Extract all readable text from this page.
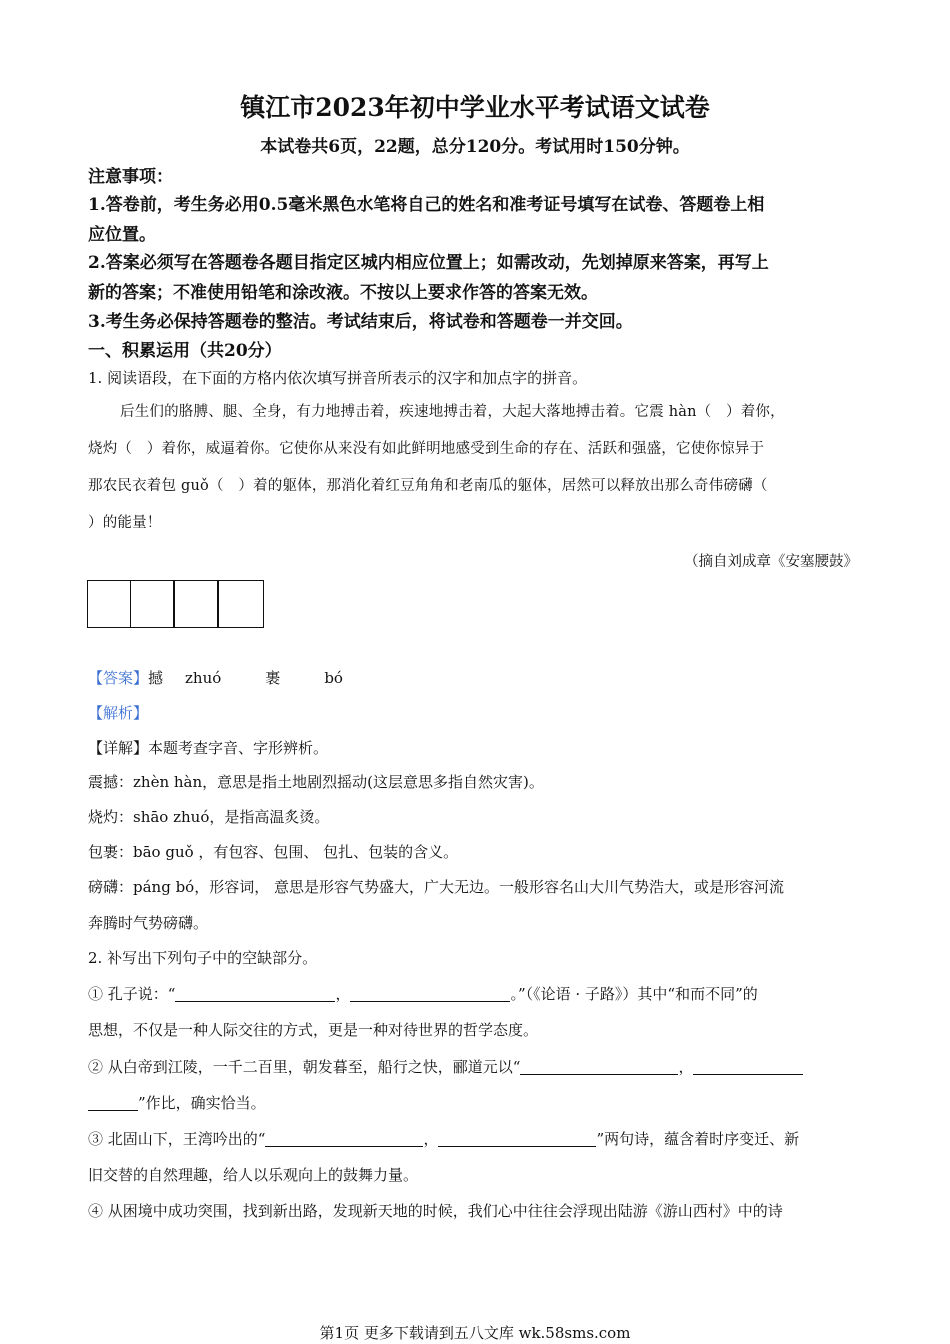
镇江市2023年初中学业水平考试语文试卷
本试卷共6页，22题，总分120分。考试用时150分钟。
注意事项：
1.答卷前，考生务必用0.5毫米黑色水笔将自己的姓名和准考证号填写在试卷、答题卷上相
应位置。
2.答案必须写在答题卷各题目指定区城内相应位置上；如需改动，先划掉原来答案，再写上
新的答案；不准使用铅笔和涂改液。不按以上要求作答的答案无效。
3.考生务必保持答题卷的整洁。考试结束后，将试卷和答题卷一并交回。
一、积累运用（共20分）
1. 阅读语段，在下面的方格内依次填写拼音所表示的汉字和加点字的拼音。
后生们的胳膊、腿、全身，有力地搏击着，疾速地搏击着，大起大落地搏击着。它震 hàn（　）着你，
烧灼 .（　）着你，威逼着你。它使你从来没有如此鲜明地感受到生命的存在、活跃和强盛，它使你惊异于
那农民衣着包 guǒ（　）着的躯体，那消化着红豆角角和老南瓜的躯体，居然可以释放出那么奇伟磅礴 .（
）的能量！
（摘自刘成章《安塞腰鼓》
【答案】撼 zhuó	裹	bó
【解析】
【详解】本题考查字音、字形辨析。
震撼：zhèn hàn，意思是指土地剧烈摇动(这层意思多指自然灾害)。
烧灼：shāo zhuó，是指高温炙烫。
包裹：bāo guǒ ，有包容、包围、 包扎、包装的含义。
磅礴：páng bó，形容词， 意思是形容气势盛大，广大无边。一般形容名山大川气势浩大，或是形容河流
奔腾时气势磅礴。
2. 补写出下列句子中的空缺部分。
① 孔子说：“	，	。”（《论语 · 子路》）其中“和而不同”的
思想，不仅是一种人际交往的方式，更是一种对待世界的哲学态度。
② 从白帝到江陵，一千二百里，朝发暮至，船行之快，郦道元以“	，
”作比，确实恰当。
③ 北固山下，王湾吟出的“	，	”两句诗，蕴含着时序变迁、新
旧交替的自然理趣，给人以乐观向上的鼓舞力量。
④ 从困境中成功突围，找到新出路，发现新天地的时候，我们心中往往会浮现出陆游《游山西村》中的诗
第1页 更多下载请到五八文库 wk.58sms.com
